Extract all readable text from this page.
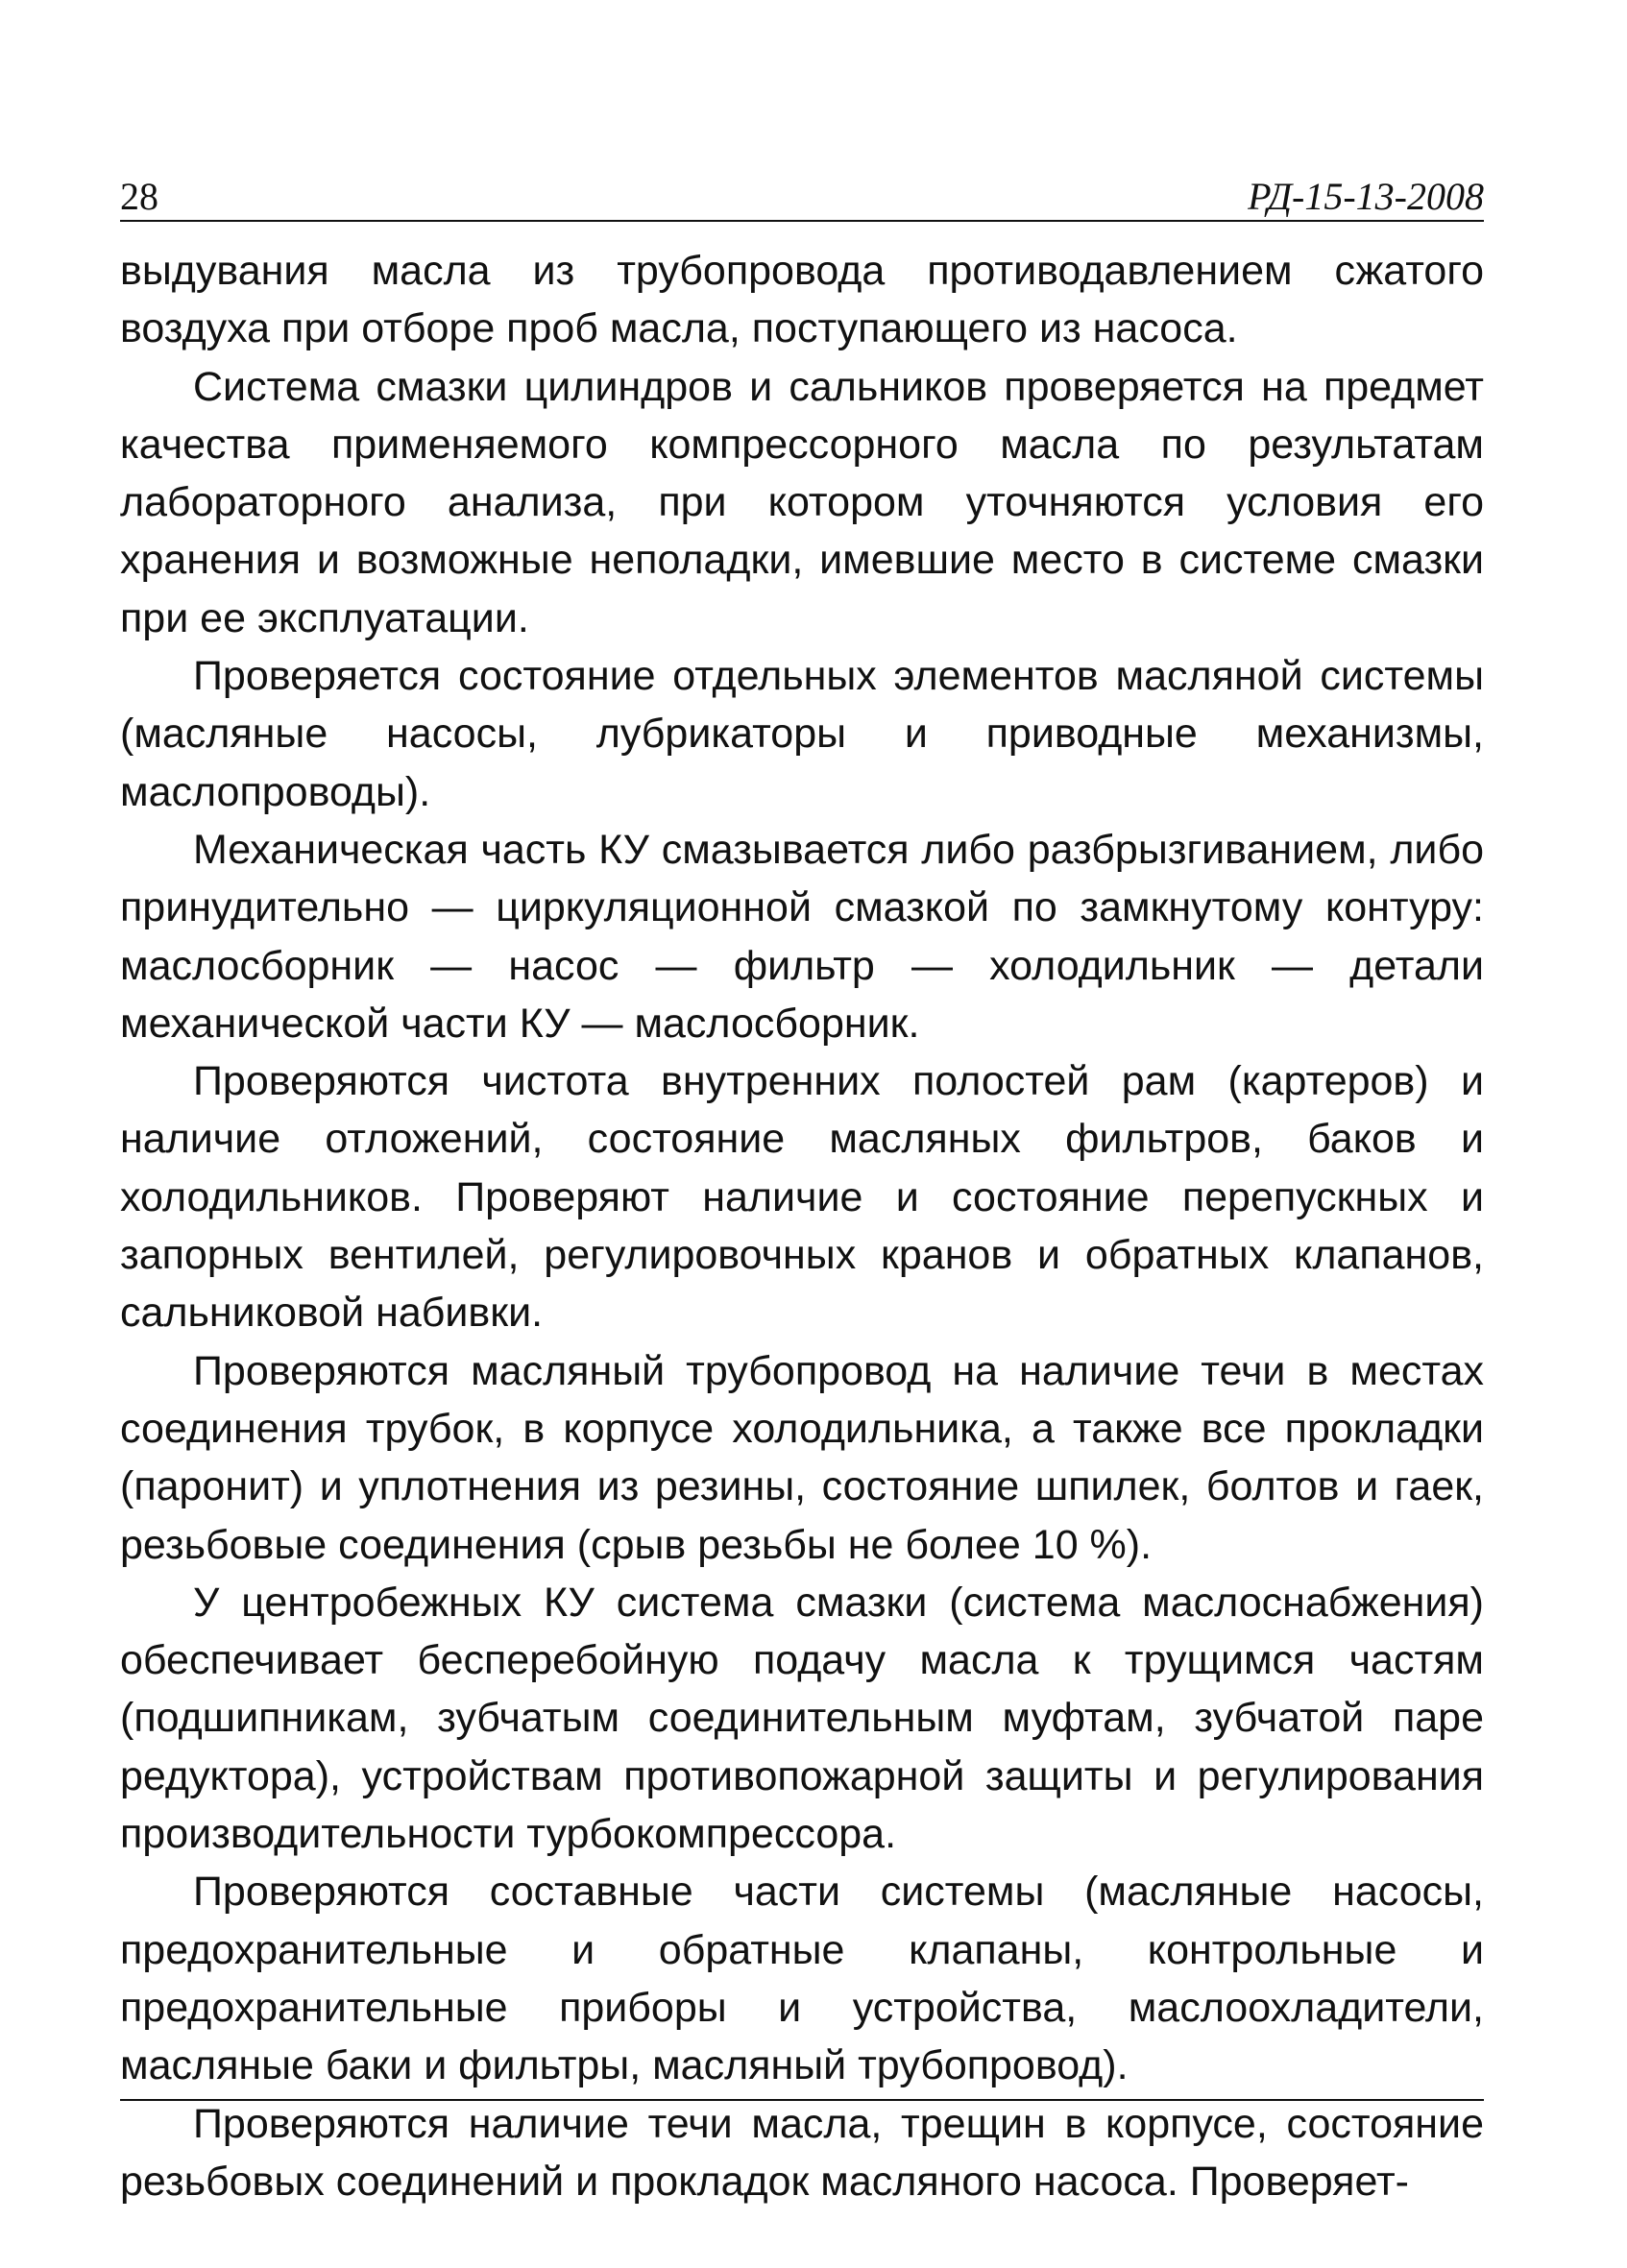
28	РД-15-13-2008

выдувания масла из трубопровода противодавлением сжатого воздуха при отборе проб масла, поступающего из насоса.

Система смазки цилиндров и сальников проверяется на предмет качества применяемого компрессорного масла по результатам лабораторного анализа, при котором уточняются условия его хранения и возможные неполадки, имевшие место в системе смазки при ее эксплуатации.

Проверяется состояние отдельных элементов масляной системы (масляные насосы, лубрикаторы и приводные механизмы, маслопроводы).

Механическая часть КУ смазывается либо разбрызгиванием, либо принудительно — циркуляционной смазкой по замкнутому контуру: маслосборник — насос — фильтр — холодильник — детали механической части КУ — маслосборник.

Проверяются чистота внутренних полостей рам (картеров) и наличие отложений, состояние масляных фильтров, баков и холодильников. Проверяют наличие и состояние перепускных и запорных вентилей, регулировочных кранов и обратных клапанов, сальниковой набивки.

Проверяются масляный трубопровод на наличие течи в местах соединения трубок, в корпусе холодильника, а также все прокладки (паронит) и уплотнения из резины, состояние шпилек, болтов и гаек, резьбовые соединения (срыв резьбы не более 10 %).

У центробежных КУ система смазки (система маслоснабжения) обеспечивает бесперебойную подачу масла к трущимся частям (подшипникам, зубчатым соединительным муфтам, зубчатой паре редуктора), устройствам противопожарной защиты и регулирования производительности турбокомпрессора.

Проверяются составные части системы (масляные насосы, предохранительные и обратные клапаны, контрольные и предохранительные приборы и устройства, маслоохладители, масляные баки и фильтры, масляный трубопровод).

Проверяются наличие течи масла, трещин в корпусе, состояние резьбовых соединений и прокладок масляного насоса. Проверяет-
